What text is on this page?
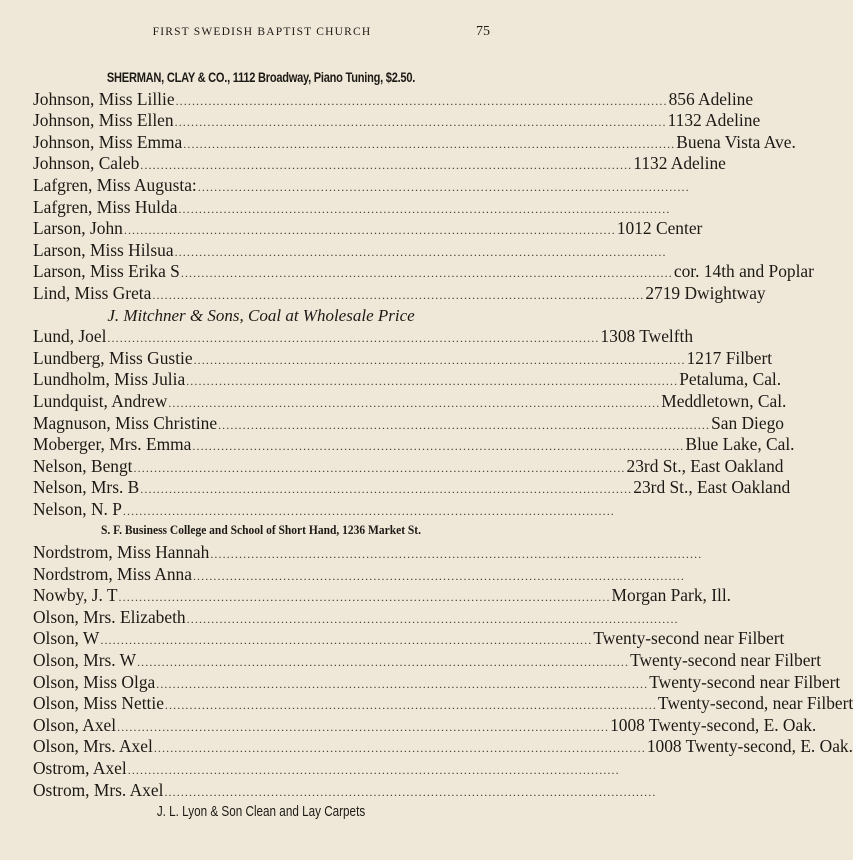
FIRST SWEDISH BAPTIST CHURCH	75
SHERMAN, CLAY & CO., 1112 Broadway, Piano Tuning, $2.50.
Johnson, Miss Lillie ........................................................................................................................ 856 Adeline
Johnson, Miss Ellen ........................................................................................................................ 1132 Adeline
Johnson, Miss Emma ........................................................................................................................ Buena Vista Ave.
Johnson, Caleb ........................................................................................................................ 1132 Adeline
Lafgren, Miss Augusta: ........................................................................................................................
Lafgren, Miss Hulda ........................................................................................................................
Larson, John ........................................................................................................................ 1012 Center
Larson, Miss Hilsua ........................................................................................................................
Larson, Miss Erika S ........................................................................................................................ cor. 14th and Poplar
Lind, Miss Greta ........................................................................................................................ 2719 Dwightway
J. Mitchner & Sons, Coal at Wholesale Price
Lund, Joel ........................................................................................................................ 1308 Twelfth
Lundberg, Miss Gustie ........................................................................................................................ 1217 Filbert
Lundholm, Miss Julia ........................................................................................................................ Petaluma, Cal.
Lundquist, Andrew ........................................................................................................................ Meddletown, Cal.
Magnuson, Miss Christine ........................................................................................................................ San Diego
Moberger, Mrs. Emma ........................................................................................................................ Blue Lake, Cal.
Nelson, Bengt ........................................................................................................................ 23rd St., East Oakland
Nelson, Mrs. B ........................................................................................................................ 23rd St., East Oakland
Nelson, N. P ........................................................................................................................
S. F. Business College and School of Short Hand, 1236 Market St.
Nordstrom, Miss Hannah ........................................................................................................................
Nordstrom, Miss Anna ........................................................................................................................
Nowby, J. T ........................................................................................................................ Morgan Park, Ill.
Olson, Mrs. Elizabeth ........................................................................................................................
Olson, W ........................................................................................................................ Twenty-second near Filbert
Olson, Mrs. W ........................................................................................................................ Twenty-second near Filbert
Olson, Miss Olga ........................................................................................................................ Twenty-second near Filbert
Olson, Miss Nettie ........................................................................................................................ Twenty-second, near Filbert
Olson, Axel ........................................................................................................................ 1008 Twenty-second, E. Oak.
Olson, Mrs. Axel ........................................................................................................................ 1008 Twenty-second, E. Oak.
Ostrom, Axel ........................................................................................................................
Ostrom, Mrs. Axel ........................................................................................................................
J. L. Lyon & Son Clean and Lay Carpets
